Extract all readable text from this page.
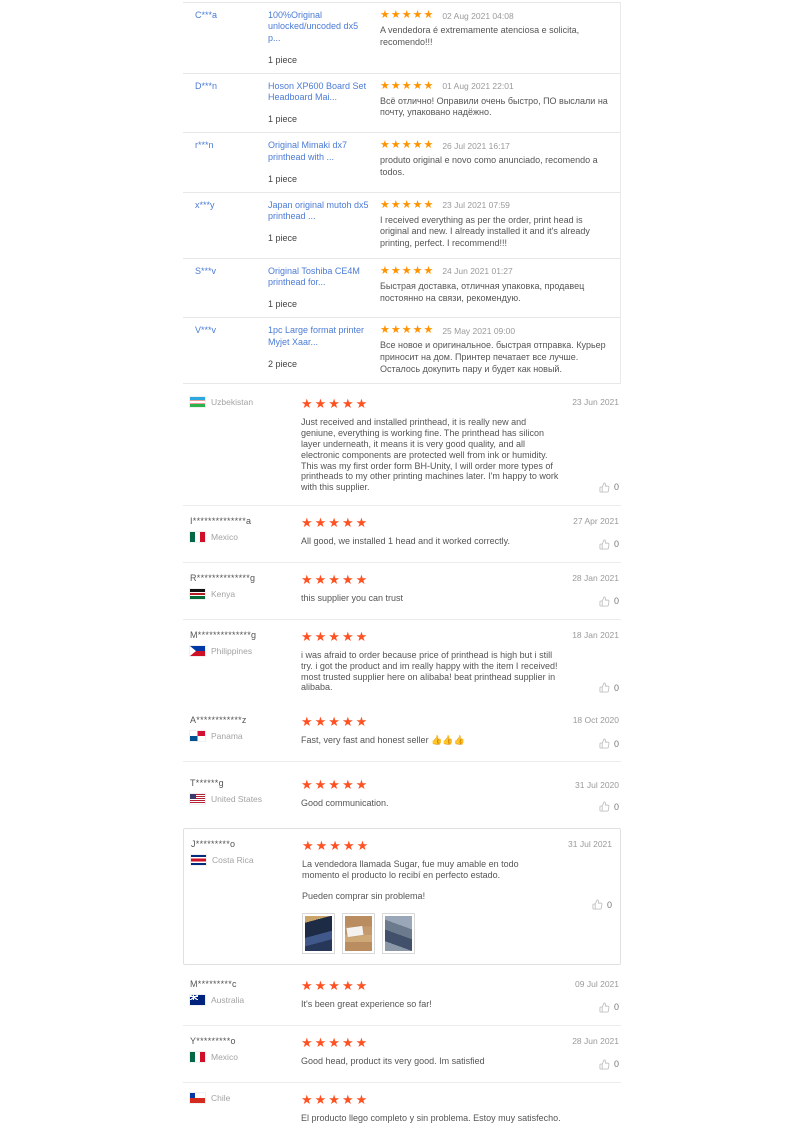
C***a	100%Original unlocked/uncoded dx5 p...
1 piece
★★★★★ 02 Aug 2021 04:08
A vendedora é extremamente atenciosa e solicita, recomendo!!!
D***n	Hoson XP600 Board Set Headboard Mai...
1 piece
★★★★★ 01 Aug 2021 22:01
Всё отлично! Оправили очень быстро, ПО выслали на почту, упаковано надёжно.
r***n	Original Mimaki dx7 printhead with ...
1 piece
★★★★★ 26 Jul 2021 16:17
produto original e novo como anunciado, recomendo a todos.
x***y	Japan original mutoh dx5 printhead ...
1 piece
★★★★★ 23 Jul 2021 07:59
I received everything as per the order, print head is original and new. I already installed it and it's already printing, perfect. I recommend!!!
S***v	Original Toshiba CE4M printhead for...
1 piece
★★★★★ 24 Jun 2021 01:27
Быстрая доставка, отличная упаковка, продавец постоянно на связи, рекомендую.
V***v	1pc Large format printer Myjet Xaar...
2 piece
★★★★★ 25 May 2021 09:00
Все новое и оригинальное. быстрая отправка. Курьер приносит на дом. Принтер печатает все лучше. Осталось докупить пару и будет как новый.
Uzbekistan	★★★★★
Just received and installed printhead, it is really new and geniune, everything is working fine. The printhead has silicon layer underneath, it means it is very good quality, and all electronic components are protected well from ink or humidity. This was my first order form BH-Unity, I will order more types of printheads to my other printing machines later. I'm happy to work with this supplier.
23 Jun 2021
0
I**************a
Mexico
★★★★★
All good, we installed 1 head and it worked correctly.
27 Apr 2021
0
R**************g
Kenya
★★★★★
this supplier you can trust
28 Jan 2021
0
M**************g
Philippines
★★★★★
i was afraid to order because price of printhead is high but i still try. i got the product and im really happy with the item I received! most trusted supplier here on alibaba! beat printhead supplier in alibaba.
18 Jan 2021
0
A************z
Panama
★★★★★
Fast, very fast and honest seller 👍👍👍
18 Oct 2020
0
T******g
United States
★★★★★
Good communication.
31 Jul 2020
0
J*********o
Costa Rica
★★★★★
La vendedora llamada Sugar, fue muy amable en todo momento el producto lo recibí en perfecto estado.
Pueden comprar sin problema!
31 Jul 2021
0
M*********c
Australia
★★★★★
It's been great experience so far!
09 Jul 2021
0
Y*********o
Mexico
★★★★★
Good head, product its very good. Im satisfied
28 Jun 2021
0
Chile	★★★★★
El producto llego completo y sin problema. Estoy muy satisfecho.
